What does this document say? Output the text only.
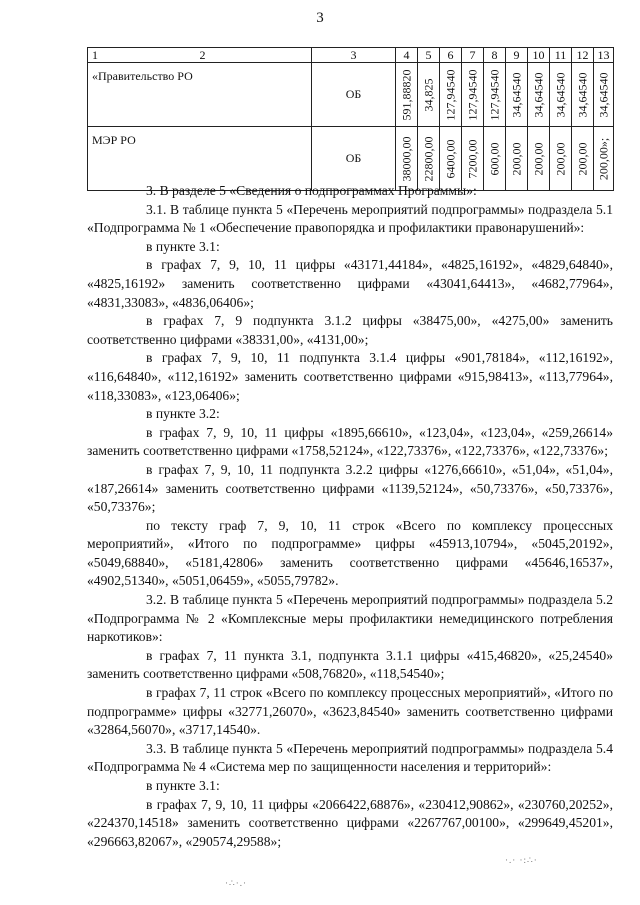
3
1 2	3	4	5	6	7	8	9	10	11	12	13
«Правительство РО	ОБ	591,88820	34,825	127,94540	127,94540	127,94540	34,64540	34,64540	34,64540	34,64540	34,64540

МЭР РО	ОБ	38000,00	22800,00	6400,00	7200,00	600,00	200,00	200,00	200,00	200,00	200,00»;

3. В разделе 5 «Сведения о подпрограммах Программы»:

3.1. В таблице пункта 5 «Перечень мероприятий подпрограммы» подраздела 5.1 «Подпрограмма № 1 «Обеспечение правопорядка и профилактики правонарушений»:

в пункте 3.1:

в графах 7, 9, 10, 11 цифры «43171,44184», «4825,16192», «4829,64840», «4825,16192» заменить соответственно цифрами «43041,64413», «4682,77964», «4831,33083», «4836,06406»;

в графах 7, 9 подпункта 3.1.2 цифры «38475,00», «4275,00» заменить соответственно цифрами «38331,00», «4131,00»;

в графах 7, 9, 10, 11 подпункта 3.1.4 цифры «901,78184», «112,16192», «116,64840», «112,16192» заменить соответственно цифрами «915,98413», «113,77964», «118,33083», «123,06406»;

в пункте 3.2:

в графах 7, 9, 10, 11 цифры «1895,66610», «123,04», «123,04», «259,26614» заменить соответственно цифрами «1758,52124», «122,73376», «122,73376», «122,73376»;

в графах 7, 9, 10, 11 подпункта 3.2.2 цифры «1276,66610», «51,04», «51,04», «187,26614» заменить соответственно цифрами «1139,52124», «50,73376», «50,73376», «50,73376»;

по тексту граф 7, 9, 10, 11 строк «Всего по комплексу процессных мероприятий», «Итого по подпрограмме» цифры «45913,10794», «5045,20192», «5049,68840», «5181,42806» заменить соответственно цифрами «45646,16537», «4902,51340», «5051,06459», «5055,79782».

3.2. В таблице пункта 5 «Перечень мероприятий подпрограммы» подраздела 5.2 «Подпрограмма № 2 «Комплексные меры профилактики немедицинского потребления наркотиков»:

в графах 7, 11 пункта 3.1, подпункта 3.1.1 цифры «415,46820», «25,24540» заменить соответственно цифрами «508,76820», «118,54540»;

в графах 7, 11 строк «Всего по комплексу процессных мероприятий», «Итого по подпрограмме» цифры «32771,26070», «3623,84540» заменить соответственно цифрами «32864,56070», «3717,14540».

3.3. В таблице пункта 5 «Перечень мероприятий подпрограммы» подраздела 5.4 «Подпрограмма № 4 «Система мер по защищенности населения и территорий»:

в пункте 3.1:

в графах 7, 9, 10, 11 цифры «2066422,68876», «230412,90862», «230760,20252», «224370,14518» заменить соответственно цифрами «2267767,00100», «299649,45201», «296663,82067», «290574,29588»;

·∴·.·
·.· ·:∴·
